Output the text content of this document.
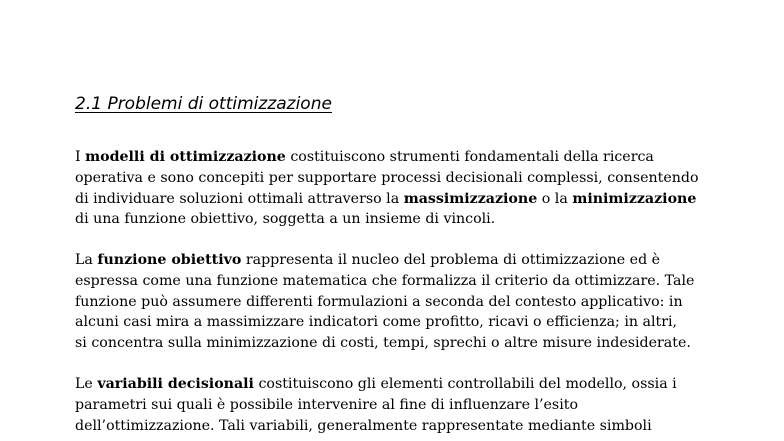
2.1 Problemi di ottimizzazione

I modelli di ottimizzazione costituiscono strumenti fondamentali della ricerca
operativa e sono concepiti per supportare processi decisionali complessi, consentendo
di individuare soluzioni ottimali attraverso la massimizzazione o la minimizzazione
di una funzione obiettivo, soggetta a un insieme di vincoli.

La funzione obiettivo rappresenta il nucleo del problema di ottimizzazione ed è
espressa come una funzione matematica che formalizza il criterio da ottimizzare. Tale
funzione può assumere differenti formulazioni a seconda del contesto applicativo: in
alcuni casi mira a massimizzare indicatori come profitto, ricavi o efficienza; in altri,
si concentra sulla minimizzazione di costi, tempi, sprechi o altre misure indesiderate.

Le variabili decisionali costituiscono gli elementi controllabili del modello, ossia i
parametri sui quali è possibile intervenire al fine di influenzare l’esito
dell’ottimizzazione. Tali variabili, generalmente rappresentate mediante simboli
